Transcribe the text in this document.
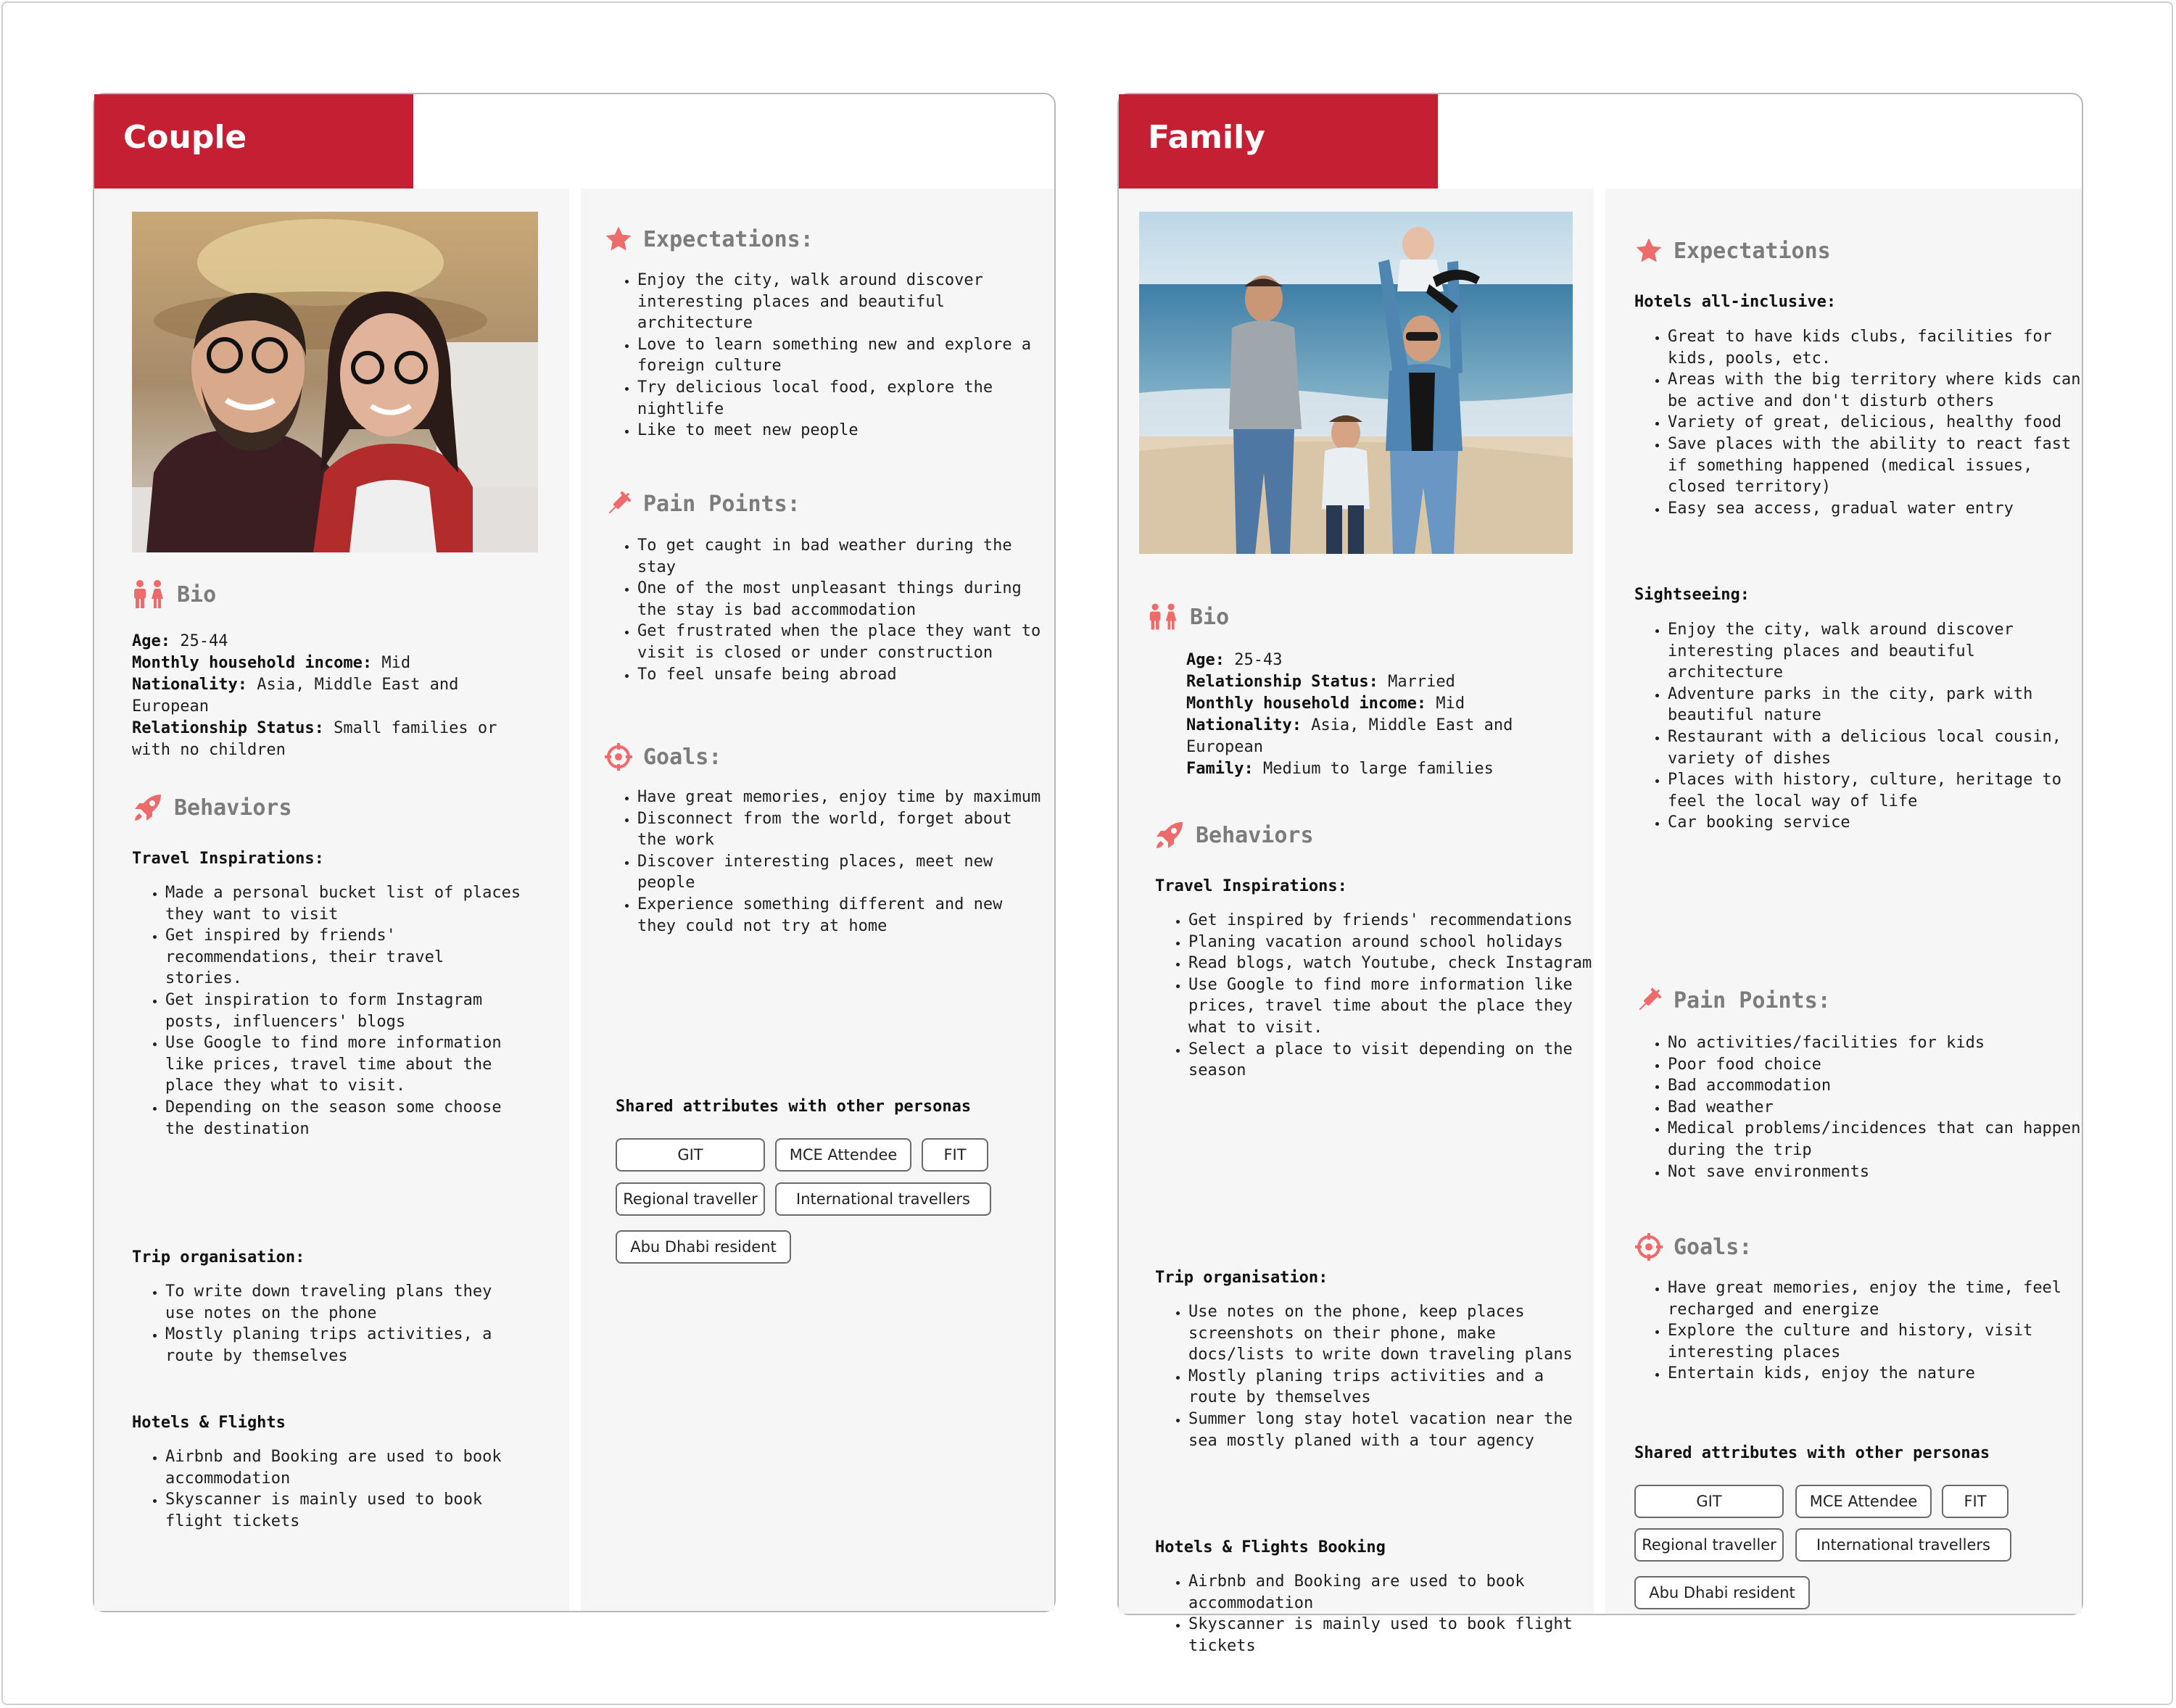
Couple
Bio
Age: 25-44
Monthly household income: Mid
Nationality: Asia, Middle East and European
Relationship Status: Small families or with no children
Behaviors
Travel Inspirations:
• Made a personal bucket list of places they want to visit
• Get inspired by friends' recommendations, their travel stories.
• Get inspiration to form Instagram posts, influencers' blogs
• Use Google to find more information like prices, travel time about the place they what to visit.
• Depending on the season some choose the destination
Trip organisation:
• To write down traveling plans they use notes on the phone
• Mostly planing trips activities, a route by themselves
Hotels & Flights
• Airbnb and Booking are used to book accommodation
• Skyscanner is mainly used to book flight tickets
Expectations:
• Enjoy the city, walk around discover interesting places and beautiful architecture
• Love to learn something new and explore a foreign culture
• Try delicious local food, explore the nightlife
• Like to meet new people
Pain Points:
• To get caught in bad weather during the stay
• One of the most unpleasant things during the stay is bad accommodation
• Get frustrated when the place they want to visit is closed or under construction
• To feel unsafe being abroad
Goals:
• Have great memories, enjoy time by maximum
• Disconnect from the world, forget about the work
• Discover interesting places, meet new people
• Experience something different and new they could not try at home
Shared attributes with other personas
GIT	MCE Attendee	FIT
Regional traveller	International travellers
Abu Dhabi resident
Family
Bio
Age: 25-43
Relationship Status: Married
Monthly household income: Mid
Nationality: Asia, Middle East and European
Family: Medium to large families
Behaviors
Travel Inspirations:
• Get inspired by friends' recommendations
• Planing vacation around school holidays
• Read blogs, watch Youtube, check Instagram
• Use Google to find more information like prices, travel time about the place they what to visit.
• Select a place to visit depending on the season
Trip organisation:
• Use notes on the phone, keep places screenshots on their phone, make docs/lists to write down traveling plans
• Mostly planing trips activities and a route by themselves
• Summer long stay hotel vacation near the sea mostly planed with a tour agency
Hotels & Flights Booking
• Airbnb and Booking are used to book accommodation
• Skyscanner is mainly used to book flight tickets
Expectations
Hotels all-inclusive:
• Great to have kids clubs, facilities for kids, pools, etc.
• Areas with the big territory where kids can be active and don't disturb others
• Variety of great, delicious, healthy food
• Save places with the ability to react fast if something happened (medical issues, closed territory)
• Easy sea access, gradual water entry
Sightseeing:
• Enjoy the city, walk around discover interesting places and beautiful architecture
• Adventure parks in the city, park with beautiful nature
• Restaurant with a delicious local cousin, variety of dishes
• Places with history, culture, heritage to feel the local way of life
• Car booking service
Pain Points:
• No activities/facilities for kids
• Poor food choice
• Bad accommodation
• Bad weather
• Medical problems/incidences that can happen during the trip
• Not save environments
Goals:
• Have great memories, enjoy the time, feel recharged and energize
• Explore the culture and history, visit interesting places
• Entertain kids, enjoy the nature
Shared attributes with other personas
GIT	MCE Attendee	FIT
Regional traveller	International travellers
Abu Dhabi resident
